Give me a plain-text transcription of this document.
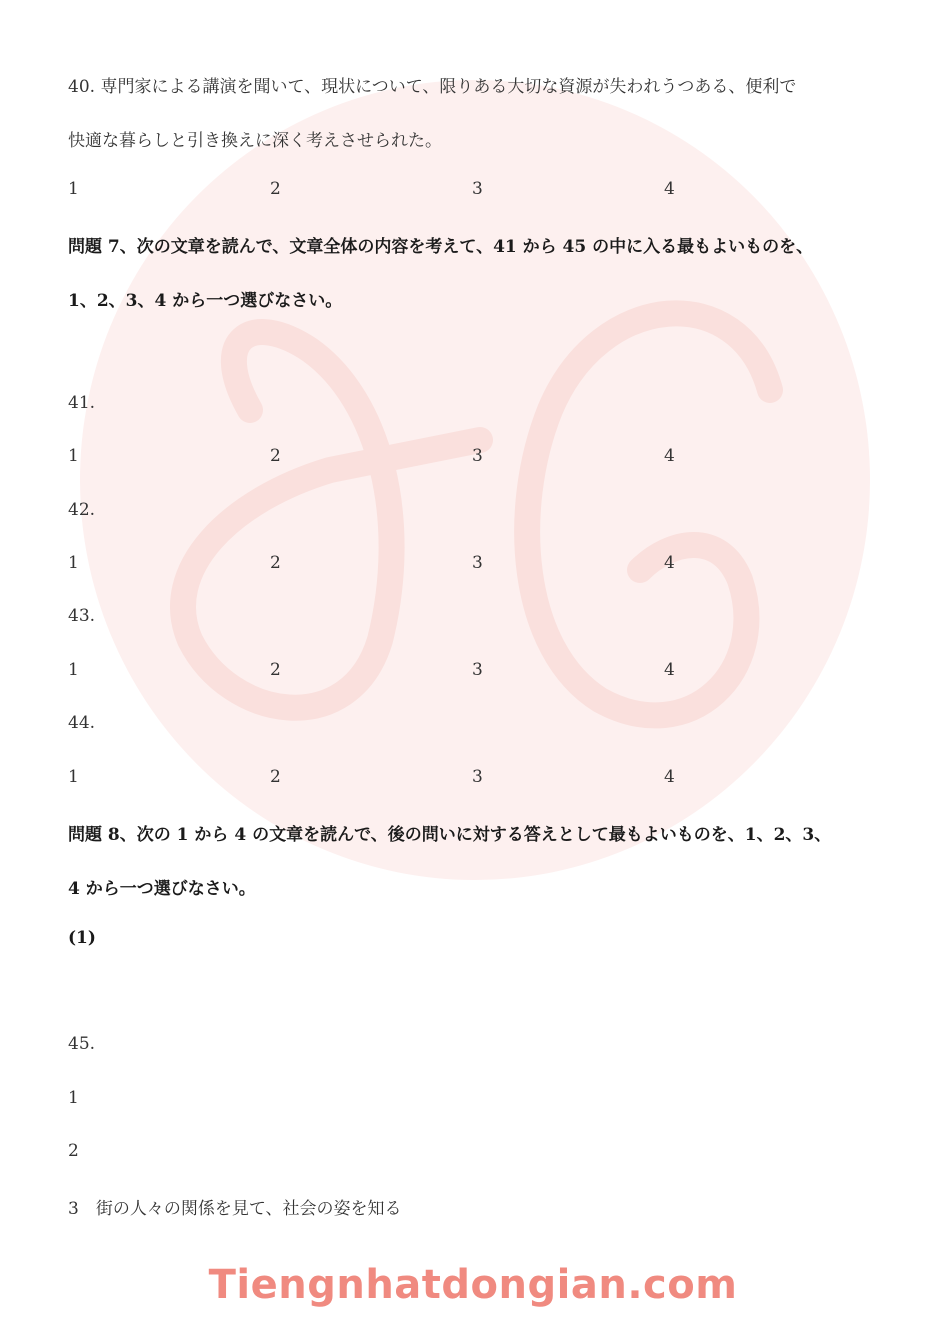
40. 専門家による講演を聞いて、現状について、限りある大切な資源が失われうつある、便利で
快適な暮らしと引き換えに深く考えさせられた。
1	2	3	4
問題 7、次の文章を読んで、文章全体の内容を考えて、41 から 45 の中に入る最もよいものを、
1、2、3、4 から一つ選びなさい。
41.
1	2	3	4
42.
1	2	3	4
43.
1	2	3	4
44.
1	2	3	4
問題 8、次の 1 から 4 の文章を読んで、後の問いに対する答えとして最もよいものを、1、2、3、
4 から一つ選びなさい。
(1)
45.
1
2
3　街の人々の関係を見て、社会の姿を知る
Tiengnhatdongian.com
